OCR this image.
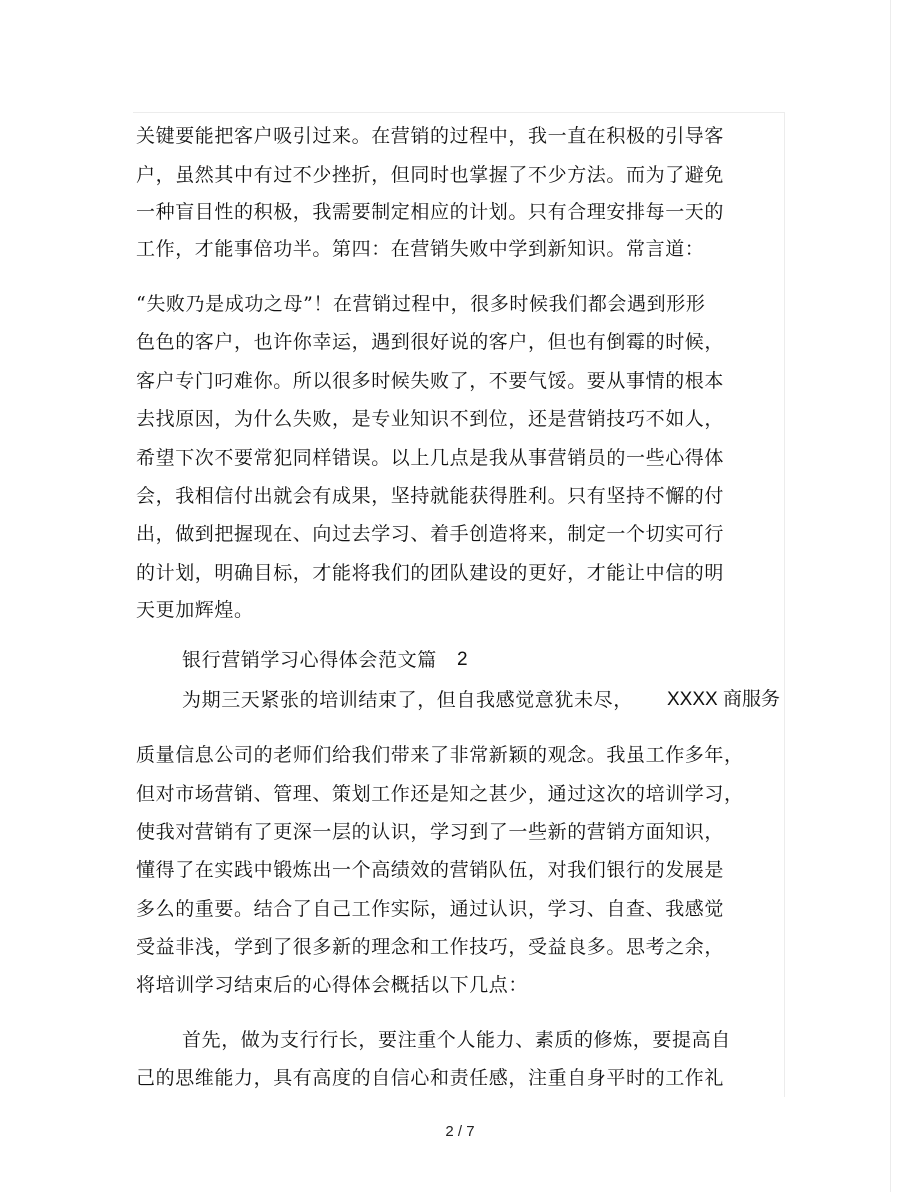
关键要能把客户吸引过来。在营销的过程中，我一直在积极的引导客
户，虽然其中有过不少挫折，但同时也掌握了不少方法。而为了避免
一种盲目性的积极，我需要制定相应的计划。只有合理安排每一天的
工作，才能事倍功半。第四：在营销失败中学到新知识。常言道：
“失败乃是成功之母”！在营销过程中，很多时候我们都会遇到形形
色色的客户，也许你幸运，遇到很好说的客户，但也有倒霉的时候，
客户专门叼难你。所以很多时候失败了，不要气馁。要从事情的根本
去找原因，为什么失败，是专业知识不到位，还是营销技巧不如人，
希望下次不要常犯同样错误。以上几点是我从事营销员的一些心得体
会，我相信付出就会有成果，坚持就能获得胜利。只有坚持不懈的付
出，做到把握现在、向过去学习、着手创造将来，制定一个切实可行
的计划，明确目标，才能将我们的团队建设的更好，才能让中信的明
天更加辉煌。
银行营销学习心得体会范文篇 2
为期三天紧张的培训结束了，但自我感觉意犹未尽， XXXX 商服务
质量信息公司的老师们给我们带来了非常新颖的观念。我虽工作多年，
但对市场营销、管理、策划工作还是知之甚少，通过这次的培训学习，
使我对营销有了更深一层的认识，学习到了一些新的营销方面知识，
懂得了在实践中锻炼出一个高绩效的营销队伍，对我们银行的发展是
多么的重要。结合了自己工作实际，通过认识，学习、自查、我感觉
受益非浅，学到了很多新的理念和工作技巧，受益良多。思考之余，
将培训学习结束后的心得体会概括以下几点：
首先，做为支行行长，要注重个人能力、素质的修炼，要提高自
己的思维能力，具有高度的自信心和责任感，注重自身平时的工作礼
2 / 7
